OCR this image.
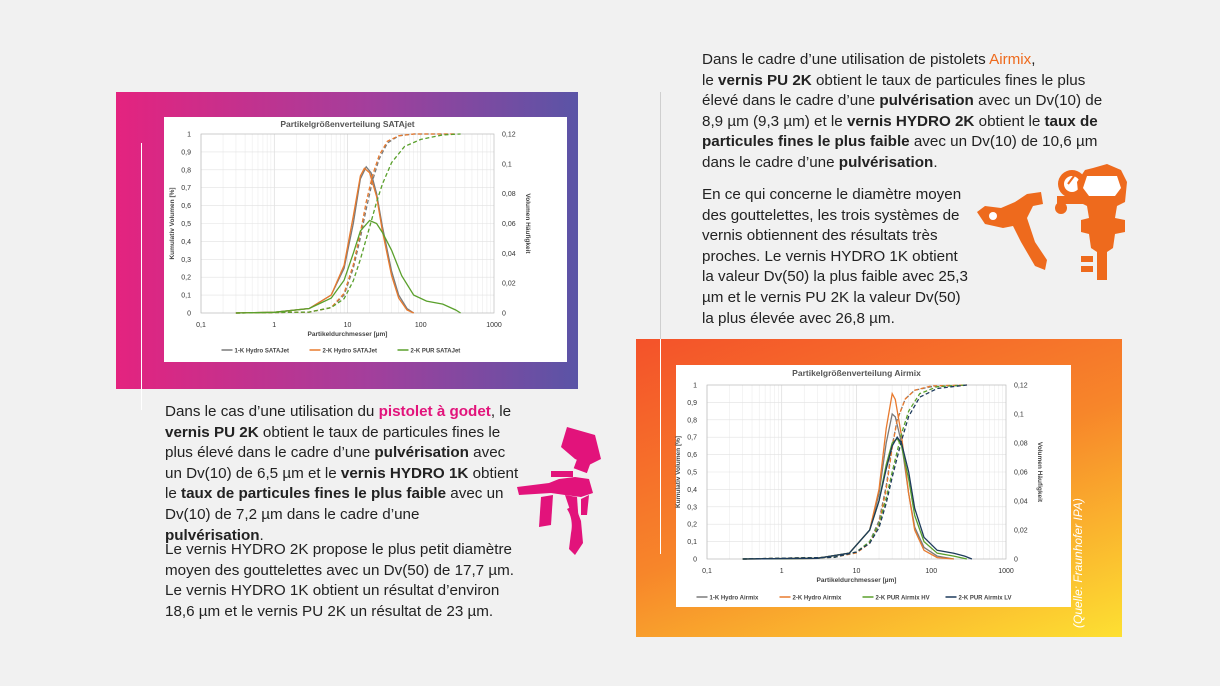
Partikelgrößenverteilung SATAjet
0
0,1
0,2
0,3
0,4
0,5
0,6
0,7
0,8
0,9
1
0
0,02
0,04
0,06
0,08
0,1
0,12
0,1	1	10	100	1000
Partikeldurchmesser [µm]
Kumulativ Volumen [%]	Volumen Häufigkeit
1-K Hydro SATAJet	2-K Hydro SATAJet	2-K PUR SATAJet
Partikelgrößenverteilung Airmix
0
0,1
0,2
0,3
0,4
0,5
0,6
0,7
0,8
0,9
1
0
0,02
0,04
0,06
0,08
0,1
0,12
0,1	1	10	100	1000
Partikeldurchmesser [µm]
Kumulativ Volumen [%]	Volumen Häufigkeit
1-K Hydro Airmix	2-K Hydro Airmix	2-K PUR Airmix HV	2-K PUR Airmix LV

Dans le cadre d’une utilisation de pistolets Airmix,
le vernis PU 2K obtient le taux de particules fines le plus élevé dans le cadre d’une pulvérisation avec un Dv(10) de 8,9 µm (9,3 µm) et le vernis HYDRO 2K obtient le taux de particules fines le plus faible avec un Dv(10) de 10,6 µm dans le cadre d’une pulvérisation.

En ce qui concerne le diamètre moyen des gouttelettes, les trois systèmes de vernis obtiennent des résultats très proches. Le vernis HYDRO 1K obtient la valeur Dv(50) la plus faible avec 25,3 µm et le vernis PU 2K la valeur Dv(50) la plus élevée avec 26,8 µm.

Dans le cas d’une utilisation du pistolet à godet, le vernis PU 2K obtient le taux de particules fines le plus élevé dans le cadre d’une pulvérisation avec un Dv(10) de 6,5 µm et le vernis HYDRO 1K obtient le taux de particules fines le plus faible avec un Dv(10) de 7,2 µm dans le cadre d’une pulvérisation.

Le vernis HYDRO 2K propose le plus petit diamètre moyen des gouttelettes avec un Dv(50) de 17,7 µm. Le vernis HYDRO 1K obtient un résultat d’environ 18,6 µm et le vernis PU 2K un résultat de 23 µm.	(Quelle: Fraunhofer IPA)
